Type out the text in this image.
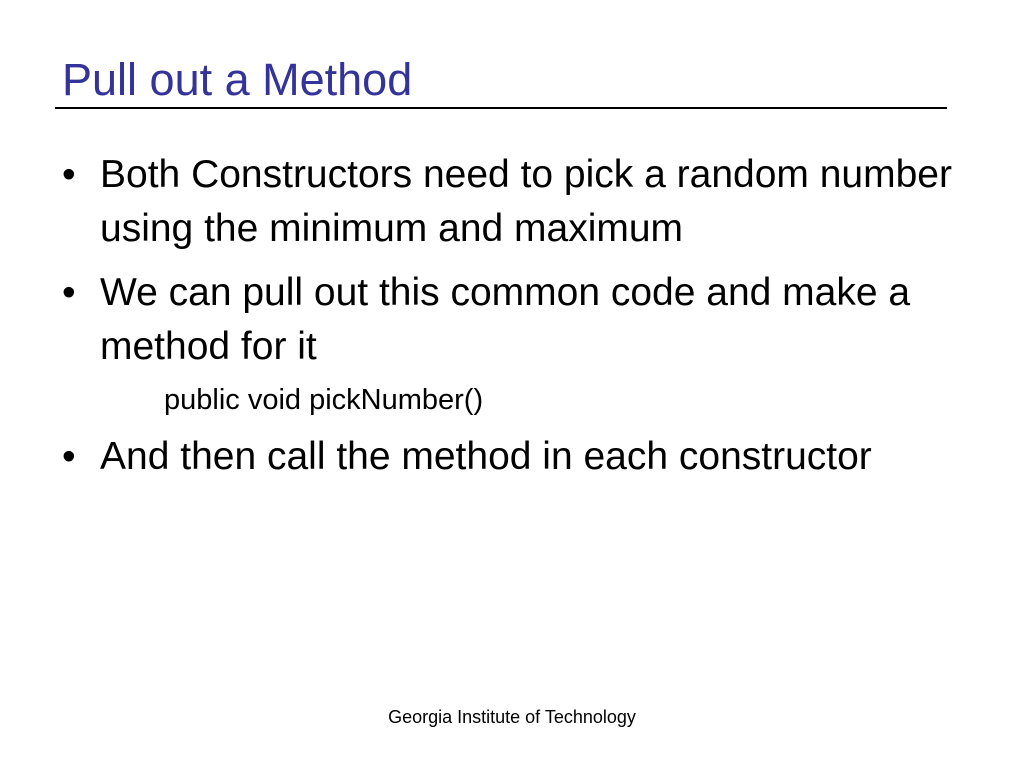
Pull out a Method
• Both Constructors need to pick a random number using the minimum and maximum
• We can pull out this common code and make a method for it
public void pickNumber()
• And then call the method in each constructor
Georgia Institute of Technology
